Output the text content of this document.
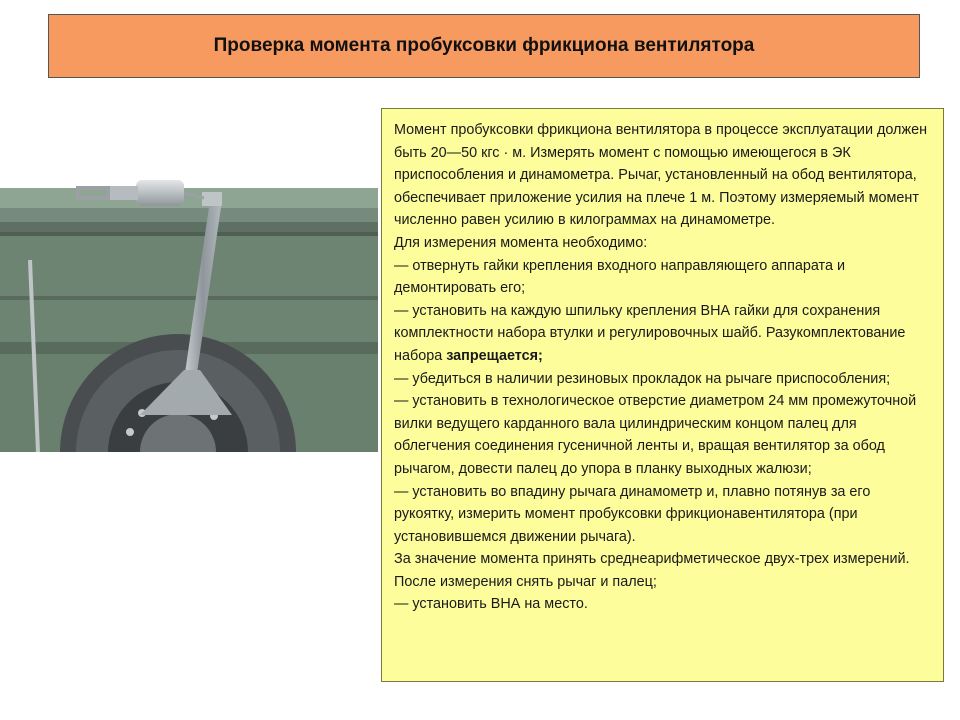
Проверка момента пробуксовки фрикциона вентилятора

Момент пробуксовки фрикциона вентилятора в процессе эксплуатации должен быть 20—50 кгс · м. Измерять момент с помощью имеющегося в ЭК приспособления и динамометра. Рычаг, установленный на обод вентилятора, обеспечивает приложение усилия на плече 1 м. Поэтому измеряемый момент численно равен усилию в килограммах на динамометре.

Для измерения момента необходимо:

— отвернуть гайки крепления входного направляющего аппарата и демонтировать его;

— установить на каждую шпильку крепления ВНА гайки для сохранения комплектности набора втулки и регулировочных шайб. Разукомплектование набора запрещается;

— убедиться в наличии резиновых прокладок на рычаге приспособления;

— установить в технологическое отверстие диаметром 24 мм промежуточной вилки ведущего карданного вала цилиндрическим концом палец для облегчения соединения гусеничной ленты и, вращая вентилятор за обод рычагом, довести палец до упора в планку выходных жалюзи;

— установить во впадину рычага динамометр и, плавно потянув за его рукоятку, измерить момент пробуксовки фрикционавентилятора (при установившемся движении рычага).

За значение момента принять среднеарифметическое двух-трех измерений. После измерения снять рычаг и палец;

— установить ВНА на место.
